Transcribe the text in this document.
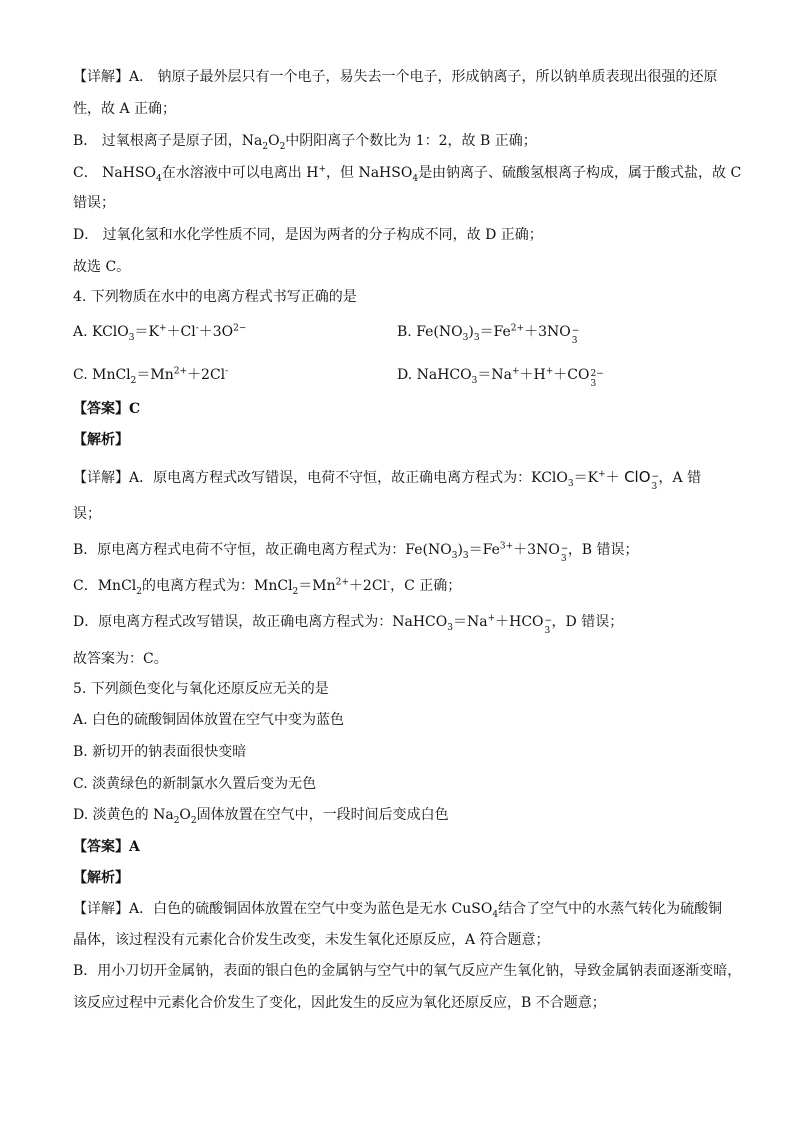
【详解】A． 钠原子最外层只有一个电子，易失去一个电子，形成钠离子，所以钠单质表现出很强的还原
性，故 A 正确；
B． 过氧根离子是原子团，$Na_2O_2$中阴阳离子个数比为 1：2，故 B 正确；
C． NaHSO$_4$在水溶液中可以电离出 H+，但 NaHSO$_4$是由钠离子、硫酸氢根离子构成，属于酸式盐，故 C
错误；
D． 过氧化氢和水化学性质不同，是因为两者的分子构成不同，故 D 正确；
故选 C。
4. 下列物质在水中的电离方程式书写正确的是
A. $KClO_3=K^++Cl^-+3O^{2-}$	B. $Fe(NO_3)_3=Fe^{2+}+3NO$ −
3
C. $MnCl_2=Mn^{2+}+2Cl^-$	D. NaHCO$_3$＝Na+＋H+＋CO 2−
3
【答案】C
【解析】
【详解】A．原电离方程式改写错误，电荷不守恒，故正确电离方程式为：KClO$_3$＝K+＋ ClO −
3
，A 错
误；
B．原电离方程式电荷不守恒，故正确电离方程式为：$Fe(NO_3)_3=Fe^{3+}+3NO$ −
3
，B 错误；
C．MnCl$_2$的电离方程式为：$MnCl_2=Mn^{2+}+2Cl^-$，C 正确；
D．原电离方程式改写错误，故正确电离方程式为：NaHCO$_3$＝Na+＋HCO −
3
，D 错误；
故答案为：C。
5. 下列颜色变化与氧化还原反应无关的是
A. 白色的硫酸铜固体放置在空气中变为蓝色
B. 新切开的钠表面很快变暗
C. 淡黄绿色的新制氯水久置后变为无色
D. 淡黄色的 $Na_2O_2$固体放置在空气中，一段时间后变成白色
【答案】A
【解析】
【详解】A．白色的硫酸铜固体放置在空气中变为蓝色是无水 CuSO$_4$结合了空气中的水蒸气转化为硫酸铜
晶体，该过程没有元素化合价发生改变，未发生氧化还原反应，A 符合题意；
B．用小刀切开金属钠，表面的银白色的金属钠与空气中的氧气反应产生氧化钠，导致金属钠表面逐渐变暗，
该反应过程中元素化合价发生了变化，因此发生的反应为氧化还原反应，B 不合题意；
